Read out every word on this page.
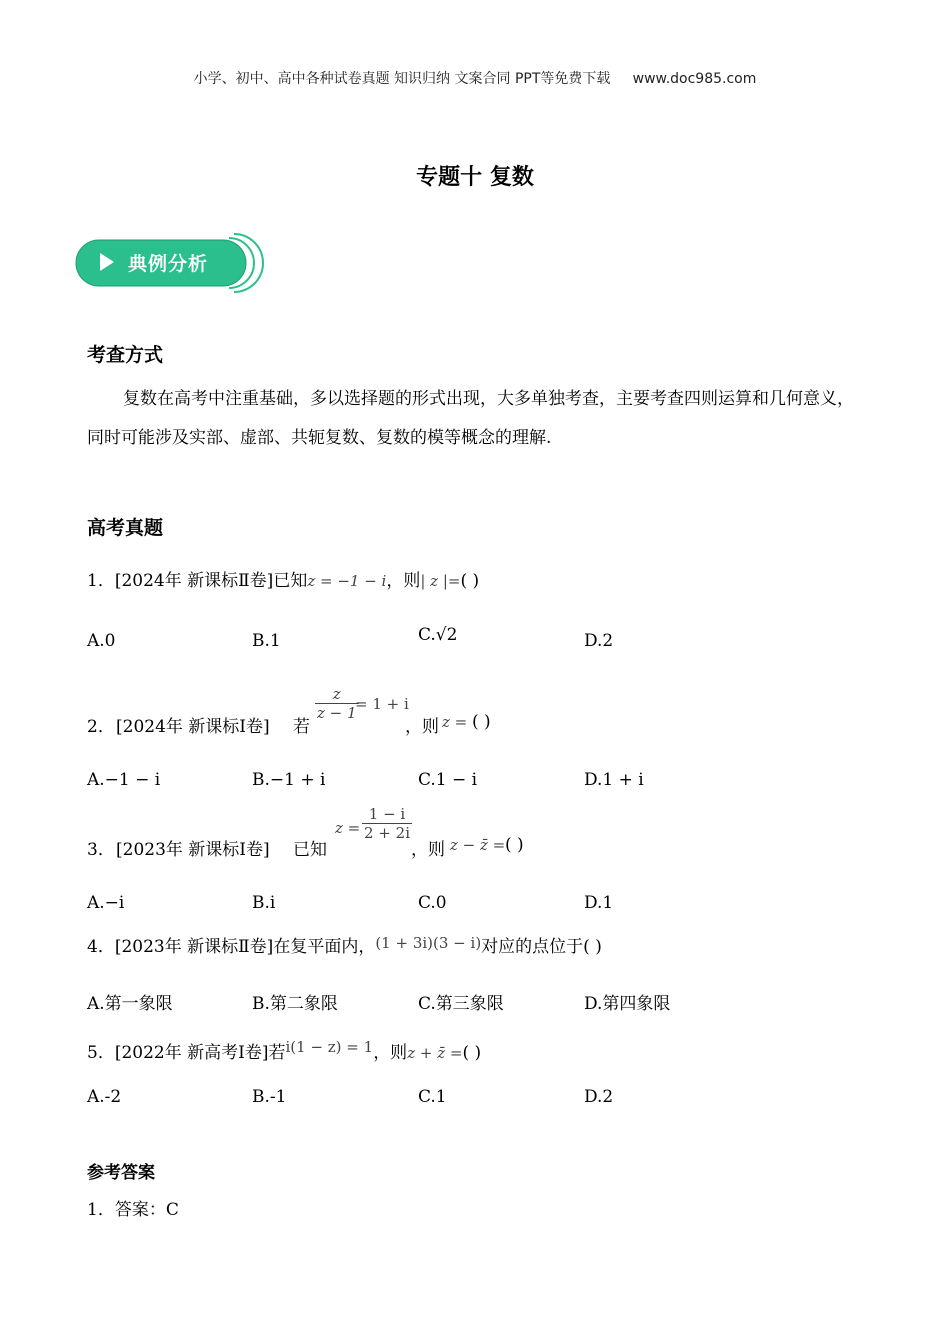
小学、初中、高中各种试卷真题 知识归纳 文案合同 PPT等免费下载     www.doc985.com
专题十 复数
典例分析
考查方式
复数在高考中注重基础，多以选择题的形式出现，大多单独考查，主要考查四则运算和几何意义，同时可能涉及实部、虚部、共轭复数、复数的模等概念的理解.
高考真题
1．[2024年 新课标Ⅱ卷]已知z = −1 − i，则| z |=( )
A.0	B.1	C.√2	D.2
2． [2024年 新课标Ⅰ卷] 若
$\frac{z}{z - 1}$
= 1 + i
，则 z = ( )
A.−1 − i	B.−1 + i	C.1 − i	D.1 + i
3． [2023年 新课标Ⅰ卷] 已知
$z = \frac{1 - i}{2 + 2i}$
，则 z − z̄ = ( )
A.−i	B.i	C.0	D.1
4．[2023年 新课标Ⅱ卷]在复平面内，(1 + 3i)(3 − i)对应的点位于( )
A.第一象限	B.第二象限	C.第三象限	D.第四象限
5．[2022年 新高考Ⅰ卷]若i(1 − z) = 1，则z + z̄ =( )
A.-2	B.-1	C.1	D.2
参考答案
1．答案：C
